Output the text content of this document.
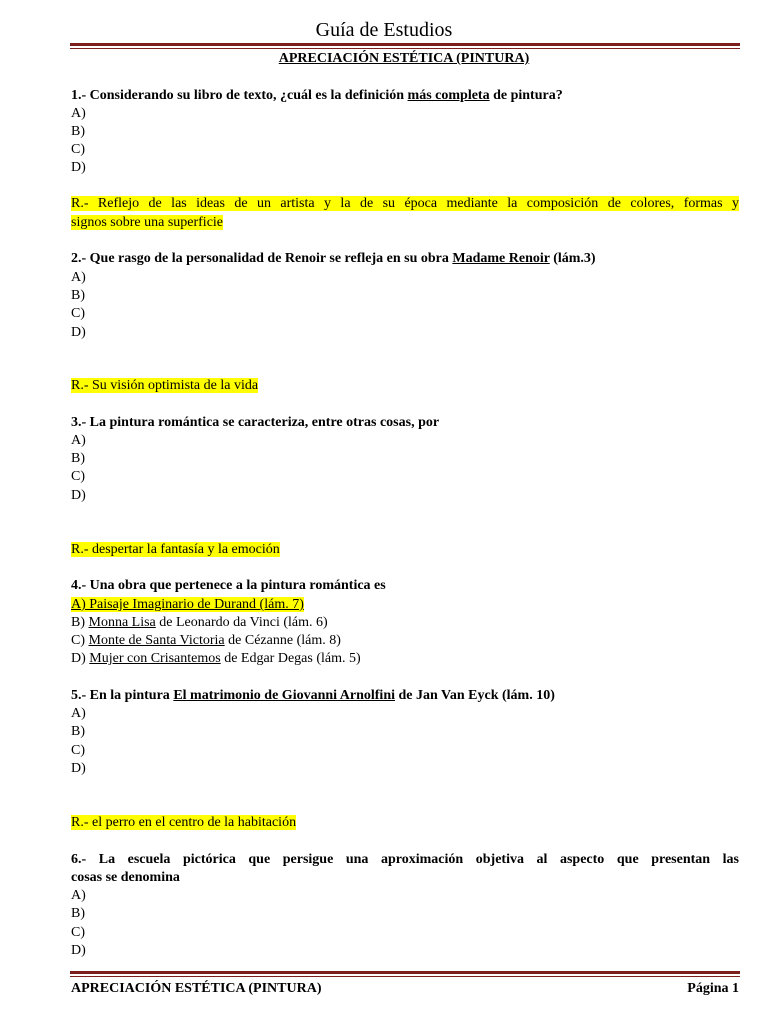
Guía de Estudios
APRECIACIÓN ESTÉTICA (PINTURA)
1.- Considerando su libro de texto, ¿cuál es la definición más completa de pintura?
A)
B)
C)
D)
R.- Reflejo de las ideas de un artista y la de su época mediante la composición de colores, formas y
signos sobre una superficie
2.- Que rasgo de la personalidad de Renoir se refleja en su obra Madame Renoir (lám.3)
A)
B)
C)
D)
R.- Su visión optimista de la vida
3.- La pintura romántica se caracteriza, entre otras cosas, por
A)
B)
C)
D)
R.- despertar la fantasía y la emoción
4.- Una obra que pertenece a la pintura romántica es
A) Paisaje Imaginario de Durand (lám. 7)
B) Monna Lisa de Leonardo da Vinci (lám. 6)
C) Monte de Santa Victoria de Cézanne (lám. 8)
D) Mujer con Crisantemos de Edgar Degas (lám. 5)
5.- En la pintura El matrimonio de Giovanni Arnolfini de Jan Van Eyck (lám. 10)
A)
B)
C)
D)
R.- el perro en el centro de la habitación
6.- La escuela pictórica que persigue una aproximación objetiva al aspecto que presentan las
cosas se denomina
A)
B)
C)
D)
APRECIACIÓN ESTÉTICA (PINTURA)	Página 1
